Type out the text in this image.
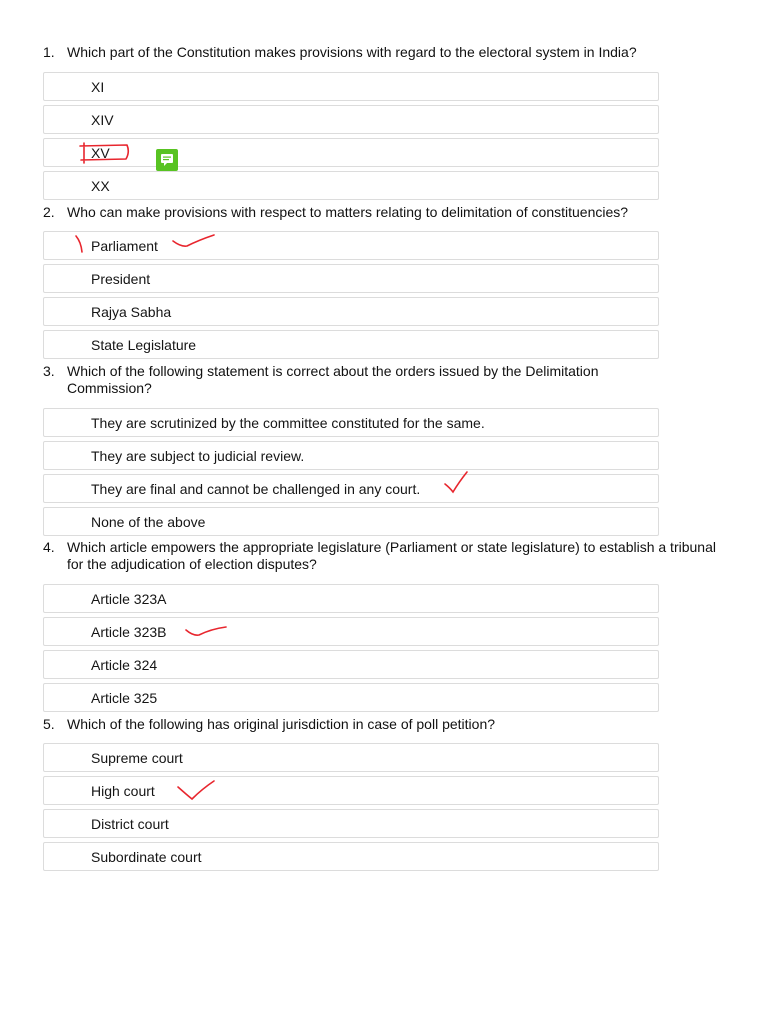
1. Which part of the Constitution makes provisions with regard to the electoral system in India?
XI
XIV
XV
XX
2. Who can make provisions with respect to matters relating to delimitation of constituencies?
Parliament
President
Rajya Sabha
State Legislature
3. Which of the following statement is correct about the orders issued by the Delimitation Commission?
They are scrutinized by the committee constituted for the same.
They are subject to judicial review.
They are final and cannot be challenged in any court.
None of the above
4. Which article empowers the appropriate legislature (Parliament or state legislature) to establish a tribunal for the adjudication of election disputes?
Article 323A
Article 323B
Article 324
Article 325
5. Which of the following has original jurisdiction in case of poll petition?
Supreme court
High court
District court
Subordinate court
